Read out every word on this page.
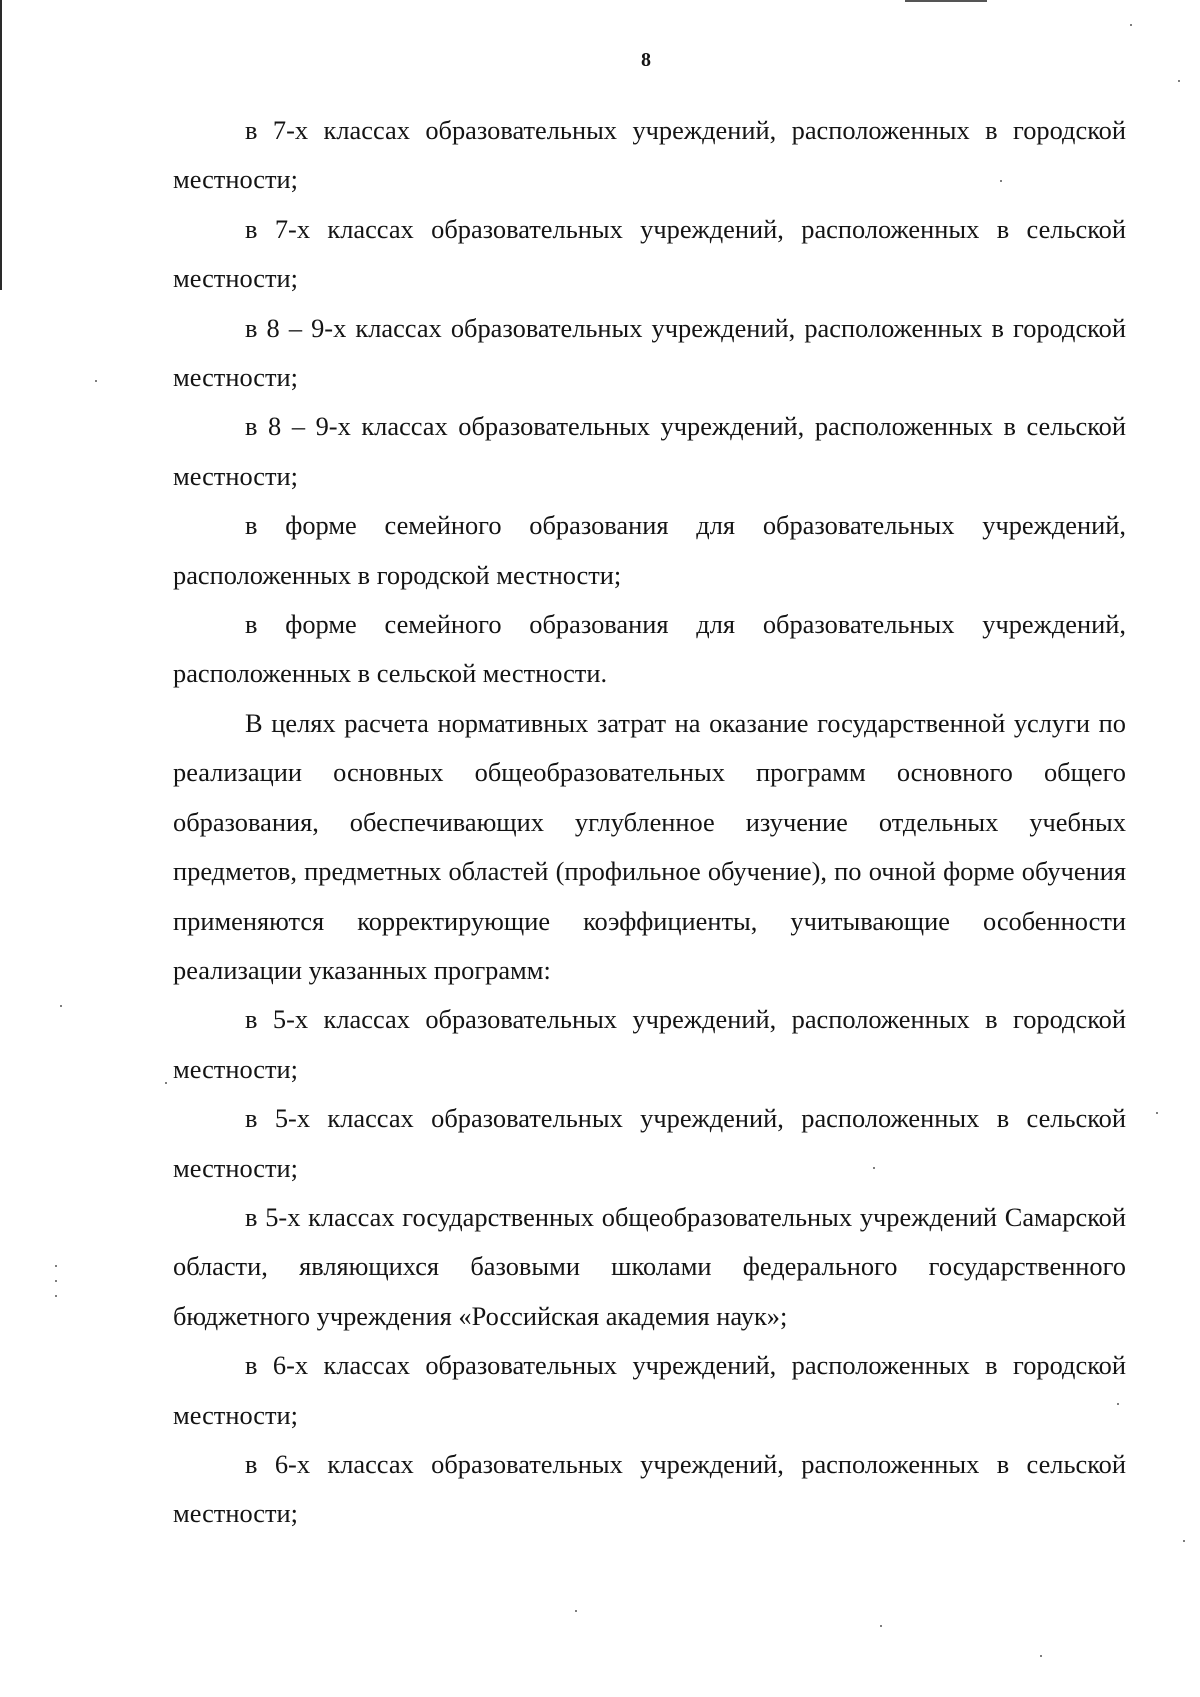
8

в 7-х классах образовательных учреждений, расположенных в городской местности;

в 7-х классах образовательных учреждений, расположенных в сельской местности;

в 8 – 9-х классах образовательных учреждений, расположенных в городской местности;

в 8 – 9-х классах образовательных учреждений, расположенных в сельской местности;

в форме семейного образования для образовательных учреждений, расположенных в городской местности;

в форме семейного образования для образовательных учреждений, расположенных в сельской местности.

В целях расчета нормативных затрат на оказание государственной услуги по реализации основных общеобразовательных программ основного общего образования, обеспечивающих углубленное изучение отдельных учебных предметов, предметных областей (профильное обучение), по очной форме обучения применяются корректирующие коэффициенты, учитывающие особенности реализации указанных программ:

в 5-х классах образовательных учреждений, расположенных в городской местности;

в 5-х классах образовательных учреждений, расположенных в сельской местности;

в 5-х классах государственных общеобразовательных учреждений Самарской области, являющихся базовыми школами федерального государственного бюджетного учреждения «Российская академия наук»;

в 6-х классах образовательных учреждений, расположенных в городской местности;

в 6-х классах образовательных учреждений, расположенных в сельской местности;
